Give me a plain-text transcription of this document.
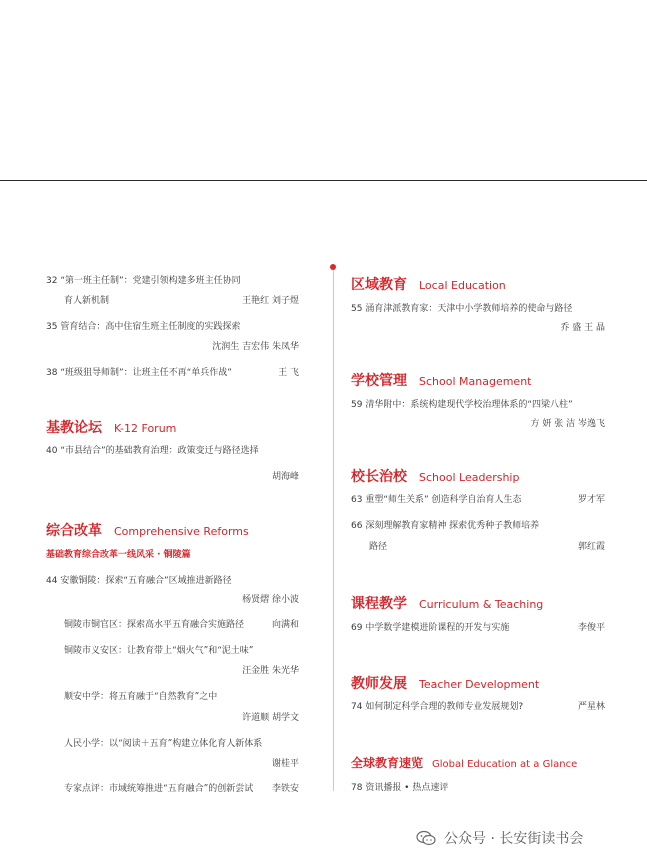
32 “第一班主任制”：党建引领构建多班主任协同
育人新机制	王艳红 刘子煜
35 管育结合：高中住宿生班主任制度的实践探索
沈润生 吉宏伟 朱凤华
38 “班级狙导师制”：让班主任不再“单兵作战”	王 飞
基教论坛 K-12 Forum
40 “市县结合”的基础教育治理：政策变迁与路径选择
胡海峰
综合改革 Comprehensive Reforms
基础教育综合改革一线风采 · 铜陵篇
44 安徽铜陵：探索“五育融合”区域推进新路径
杨贤熠 徐小波
铜陵市铜官区：探索高水平五育融合实施路径	向满和
铜陵市义安区：让教育带上“烟火气”和“泥土味”
汪金胜 朱光华
顺安中学：将五育融于“自然教育”之中
许道顺 胡学文
人民小学：以“阅读＋五育”构建立体化育人新体系
谢桂平
专家点评：市域统筹推进“五育融合”的创新尝试 李铁安
区域教育 Local Education
55 涌育津派教育家：天津中小学教师培养的使命与路径
乔 盛 王 晶
学校管理 School Management
59 清华附中：系统构建现代学校治理体系的“四梁八柱”
方 妍 张 洁 岑逸飞
校长治校 School Leadership
63 重塑“师生关系” 创造科学自治育人生态	罗才军
66 深刻理解教育家精神 探索优秀种子教师培养
路径	郭红霞
课程教学 Curriculum & Teaching
69 中学数学建模进阶课程的开发与实施	李俊平
教师发展 Teacher Development
74 如何制定科学合理的教师专业发展规划?	严星林
全球教育速览 Global Education at a Glance
78 资讯播报 • 热点速评
公众号 · 长安街读书会
